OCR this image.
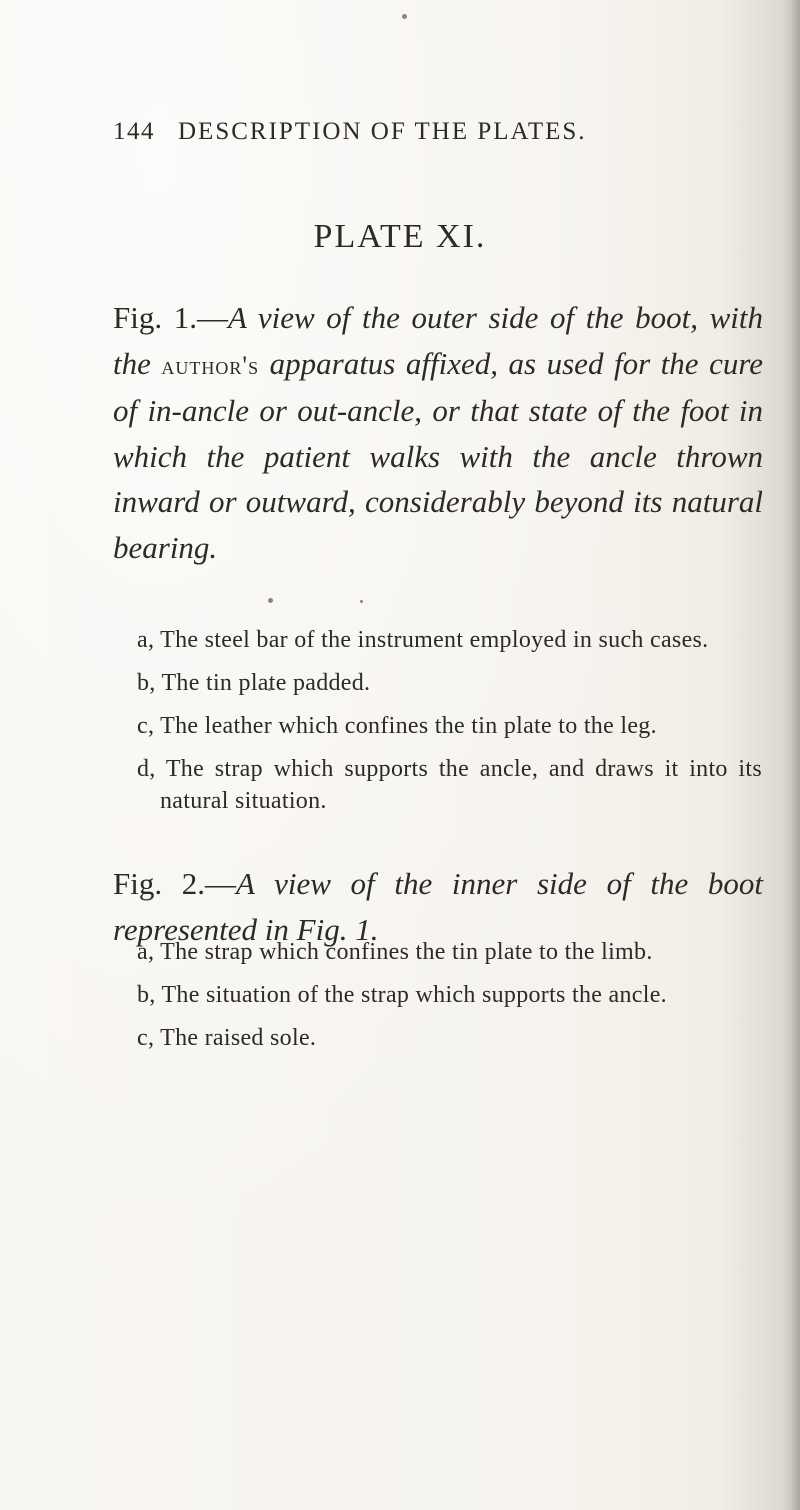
144 DESCRIPTION OF THE PLATES.
PLATE XI.
Fig. 1.—A view of the outer side of the boot, with the author's apparatus affixed, as used for the cure of in-ancle or out-ancle, or that state of the foot in which the patient walks with the ancle thrown inward or outward, considerably beyond its natural bearing.
a, The steel bar of the instrument employed in such cases.
b, The tin plate padded.
c, The leather which confines the tin plate to the leg.
d, The strap which supports the ancle, and draws it into its natural situation.
Fig. 2.—A view of the inner side of the boot represented in Fig. 1.
a, The strap which confines the tin plate to the limb.
b, The situation of the strap which supports the ancle.
c, The raised sole.
